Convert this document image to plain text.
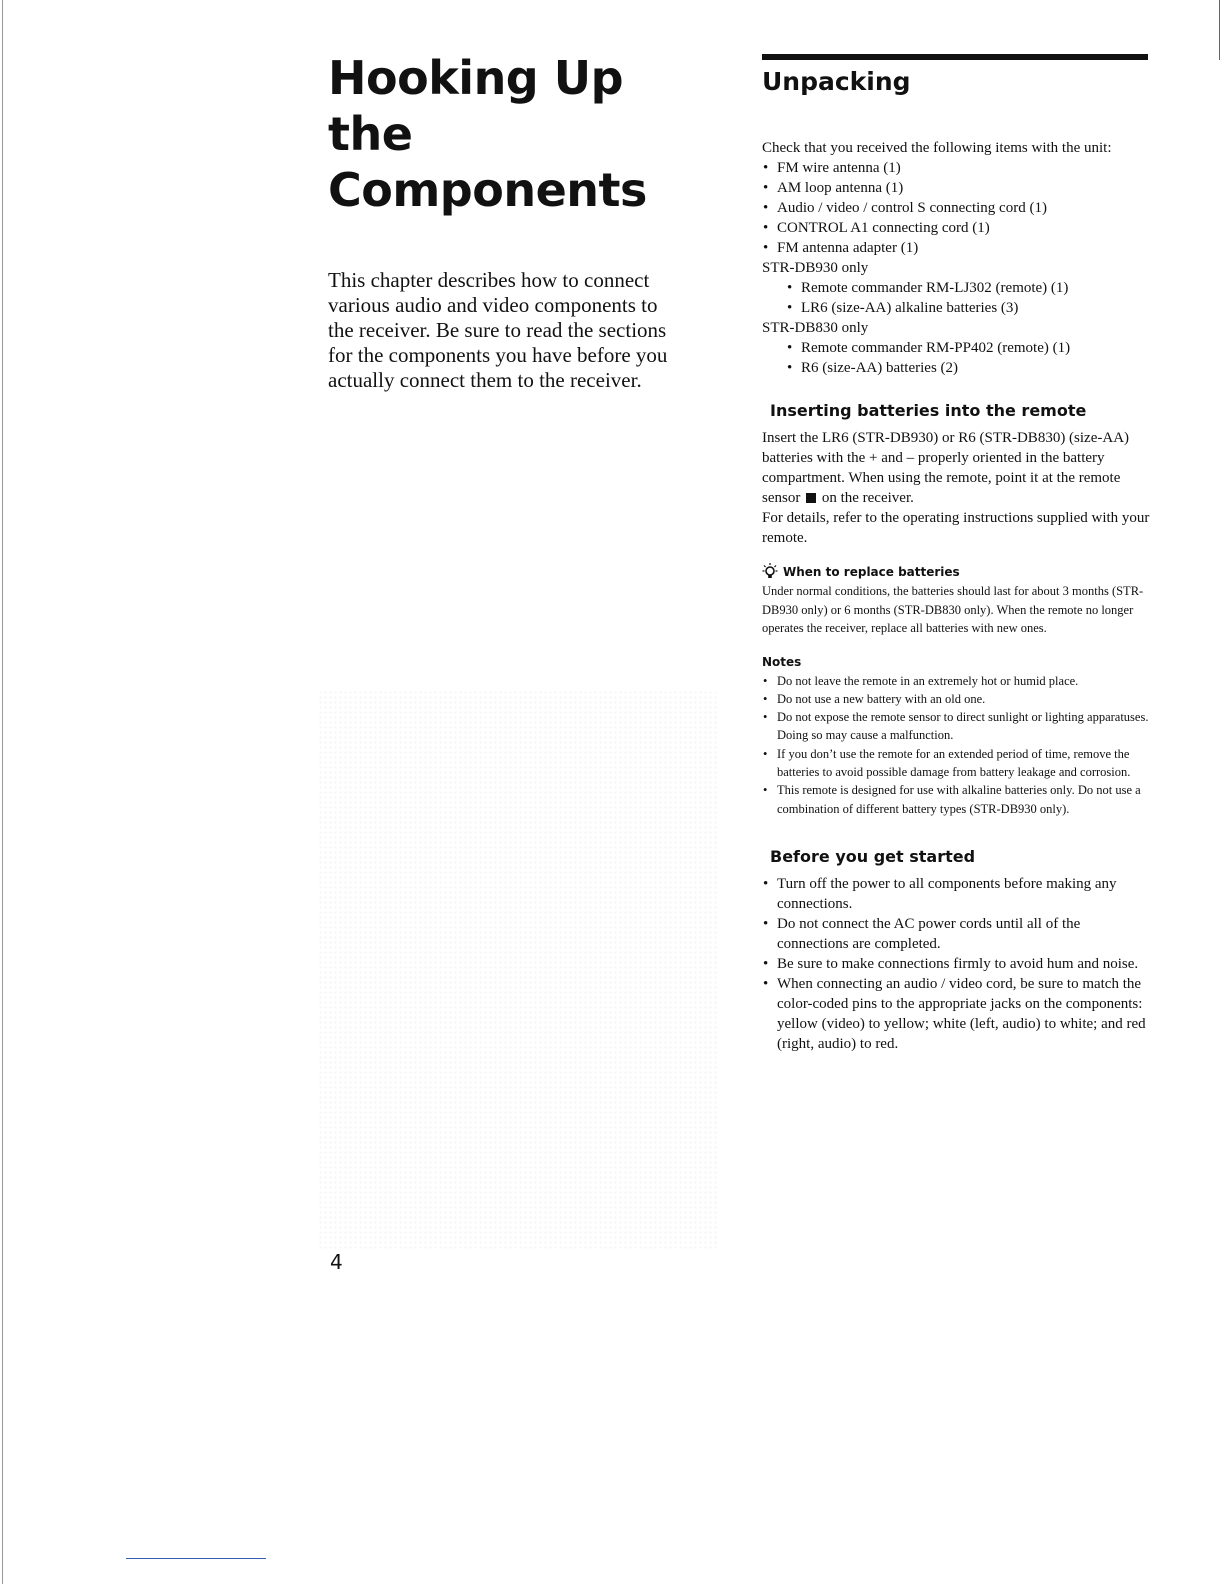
Hooking Up
the
Components

This chapter describes how to connect various audio and video components to the receiver. Be sure to read the sections for the components you have before you actually connect them to the receiver.

Unpacking

Check that you received the following items with the unit:

• FM wire antenna (1)
• AM loop antenna (1)
• Audio / video / control S connecting cord (1)
• CONTROL A1 connecting cord (1)
• FM antenna adapter (1)

STR-DB930 only

• Remote commander RM-LJ302 (remote) (1)
• LR6 (size-AA) alkaline batteries (3)

STR-DB830 only

• Remote commander RM-PP402 (remote) (1)
• R6 (size-AA) batteries (2)
Inserting batteries into the remote

Insert the LR6 (STR-DB930) or R6 (STR-DB830) (size-AA) batteries with the + and – properly oriented in the battery compartment. When using the remote, point it at the remote sensor on the receiver.

For details, refer to the operating instructions supplied with your remote.

When to replace batteries

Under normal conditions, the batteries should last for about 3 months (STR-DB930 only) or 6 months (STR-DB830 only). When the remote no longer operates the receiver, replace all batteries with new ones.

Notes

• Do not leave the remote in an extremely hot or humid place.
• Do not use a new battery with an old one.
• Do not expose the remote sensor to direct sunlight or lighting apparatuses. Doing so may cause a malfunction.
• If you don’t use the remote for an extended period of time, remove the batteries to avoid possible damage from battery leakage and corrosion.
• This remote is designed for use with alkaline batteries only. Do not use a combination of different battery types (STR-DB930 only).
Before you get started
• Turn off the power to all components before making any connections.
• Do not connect the AC power cords until all of the connections are completed.
• Be sure to make connections firmly to avoid hum and noise.
• When connecting an audio / video cord, be sure to match the color-coded pins to the appropriate jacks on the components: yellow (video) to yellow; white (left, audio) to white; and red (right, audio) to red.
4
